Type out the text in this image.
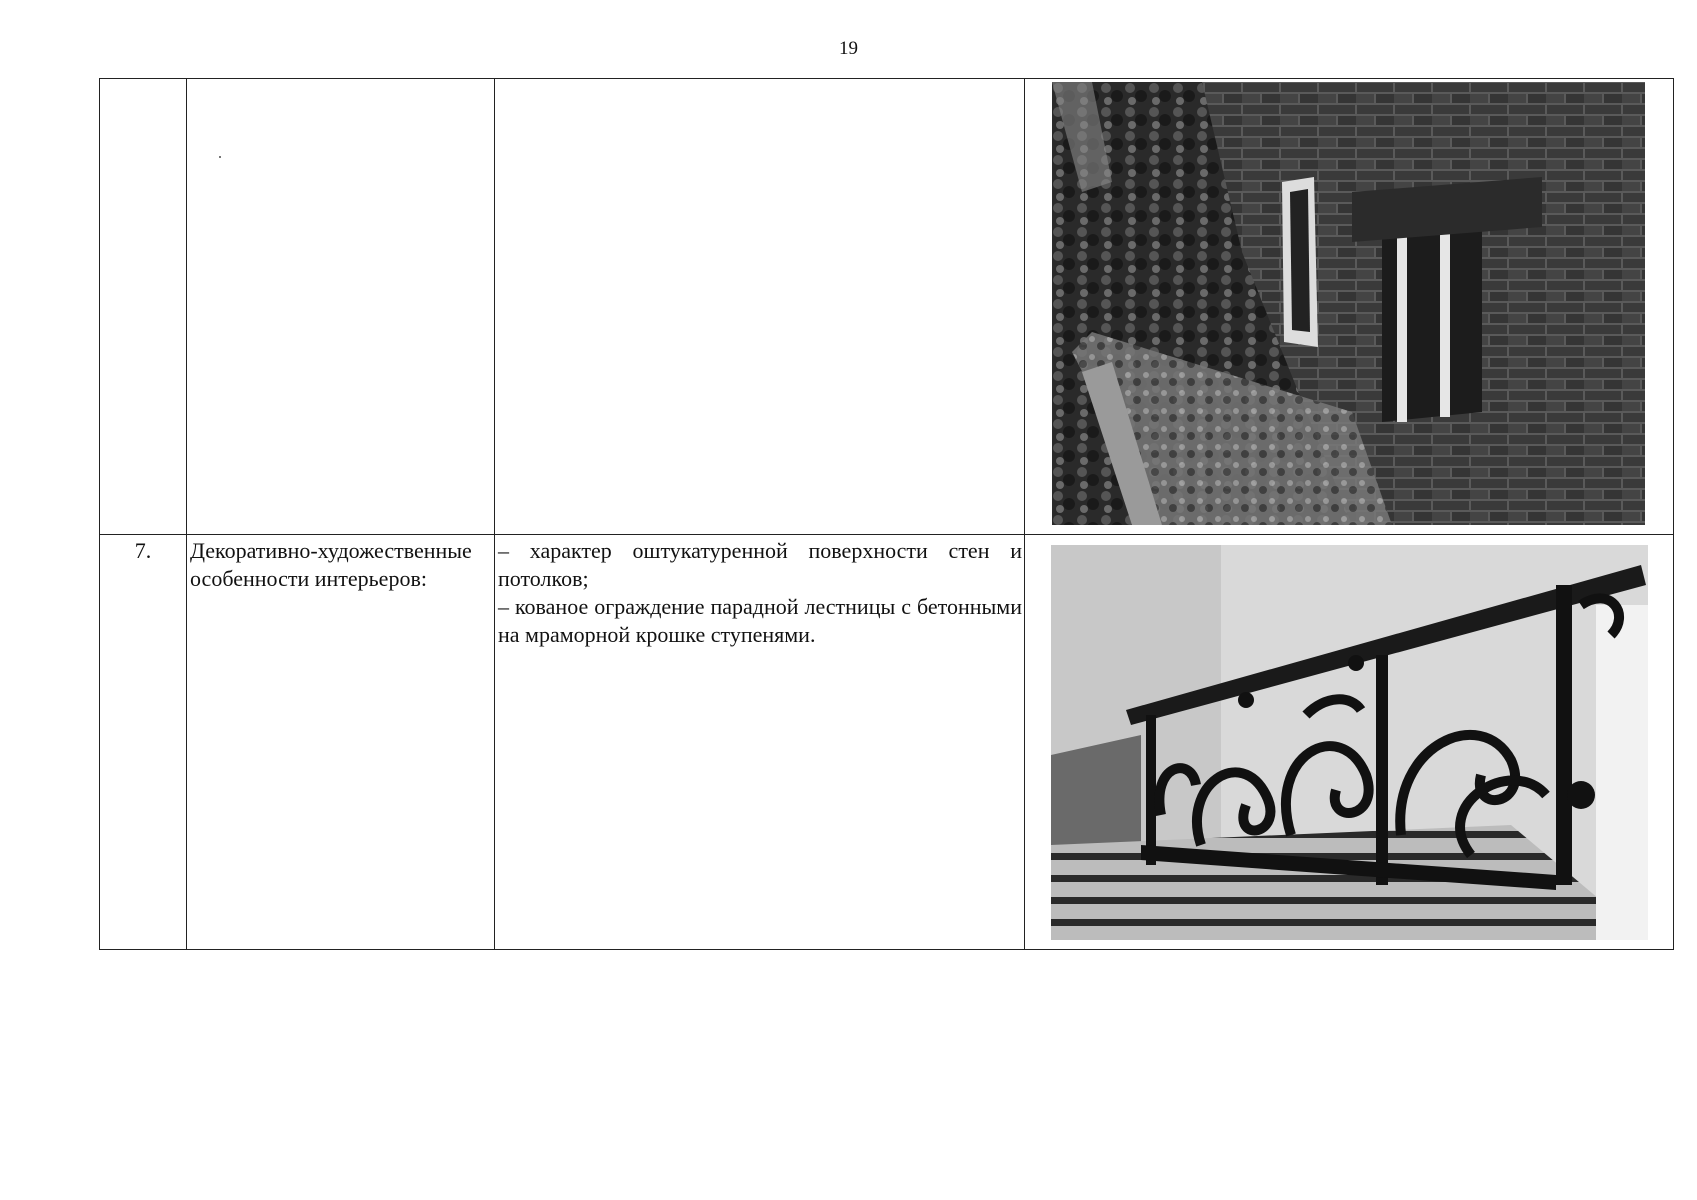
19

7.	Декоративно-художественные особенности интерьеров:	– характер оштукатуренной поверхности стен и потолков;

– кованое ограждение парадной лестницы с бетонными на мраморной крошке ступенями.
